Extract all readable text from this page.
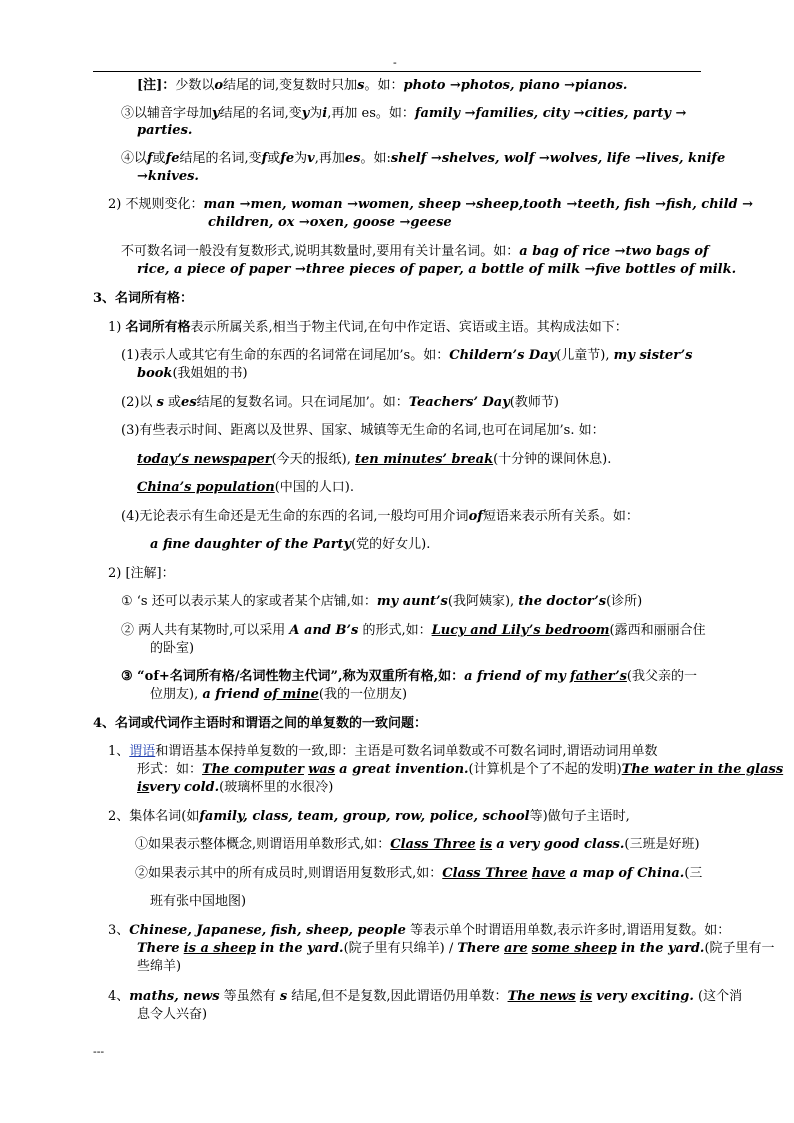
-
[注]：少数以o结尾的词,变复数时只加s。如：photo →photos, piano →pianos.
③以辅音字母加y结尾的名词,变y为i,再加 es。如：family →families, city →cities, party →
parties.
④以f或fe结尾的名词,变f或fe为v,再加es。如:shelf →shelves, wolf →wolves, life →lives, knife
→knives.
2) 不规则变化：man →men, woman →women, sheep →sheep,tooth →teeth, fish →fish, child →
children, ox →oxen, goose →geese
不可数名词一般没有复数形式,说明其数量时,要用有关计量名词。如：a bag of rice →two bags of
rice, a piece of paper →three pieces of paper, a bottle of milk →five bottles of milk.
3、名词所有格：
1) 名词所有格表示所属关系,相当于物主代词,在句中作定语、宾语或主语。其构成法如下：
(1)表示人或其它有生命的东西的名词常在词尾加’s。如：Childern’s Day(儿童节), my sister’s
book(我姐姐的书)
(2)以 s 或es结尾的复数名词。只在词尾加’。如：Teachers’ Day(教师节)
(3)有些表示时间、距离以及世界、国家、城镇等无生命的名词,也可在词尾加’s. 如：
today’s newspaper(今天的报纸), ten minutes’ break(十分钟的课间休息).
China’s population(中国的人口).
(4)无论表示有生命还是无生命的东西的名词,一般均可用介词of短语来表示所有关系。如：
a fine daughter of the Party(党的好女儿).
2) [注解]：
① ‘s 还可以表示某人的家或者某个店铺,如：my aunt’s(我阿姨家), the doctor’s(诊所)
② 两人共有某物时,可以采用 A and B’s 的形式,如：Lucy and Lily’s bedroom(露西和丽丽合住
的卧室)
③ “of+名词所有格/名词性物主代词”,称为双重所有格,如：a friend of my father’s(我父亲的一
位朋友), a friend of mine(我的一位朋友)
4、名词或代词作主语时和谓语之间的单复数的一致问题：
1、谓语和谓语基本保持单复数的一致,即：主语是可数名词单数或不可数名词时,谓语动词用单数
形式：如：The computer was a great invention.(计算机是个了不起的发明)The water in the glass
isvery cold.(玻璃杯里的水很冷)
2、集体名词(如family, class, team, group, row, police, school等)做句子主语时,
①如果表示整体概念,则谓语用单数形式,如：Class Three is a very good class.(三班是好班)
②如果表示其中的所有成员时,则谓语用复数形式,如：Class Three have a map of China.(三
班有张中国地图)
3、Chinese, Japanese, fish, sheep, people 等表示单个时谓语用单数,表示许多时,谓语用复数。如：
There is a sheep in the yard.(院子里有只绵羊) / There are some sheep in the yard.(院子里有一
些绵羊)
4、maths, news 等虽然有 s 结尾,但不是复数,因此谓语仍用单数：The news is very exciting. (这个消
息令人兴奋)
---
